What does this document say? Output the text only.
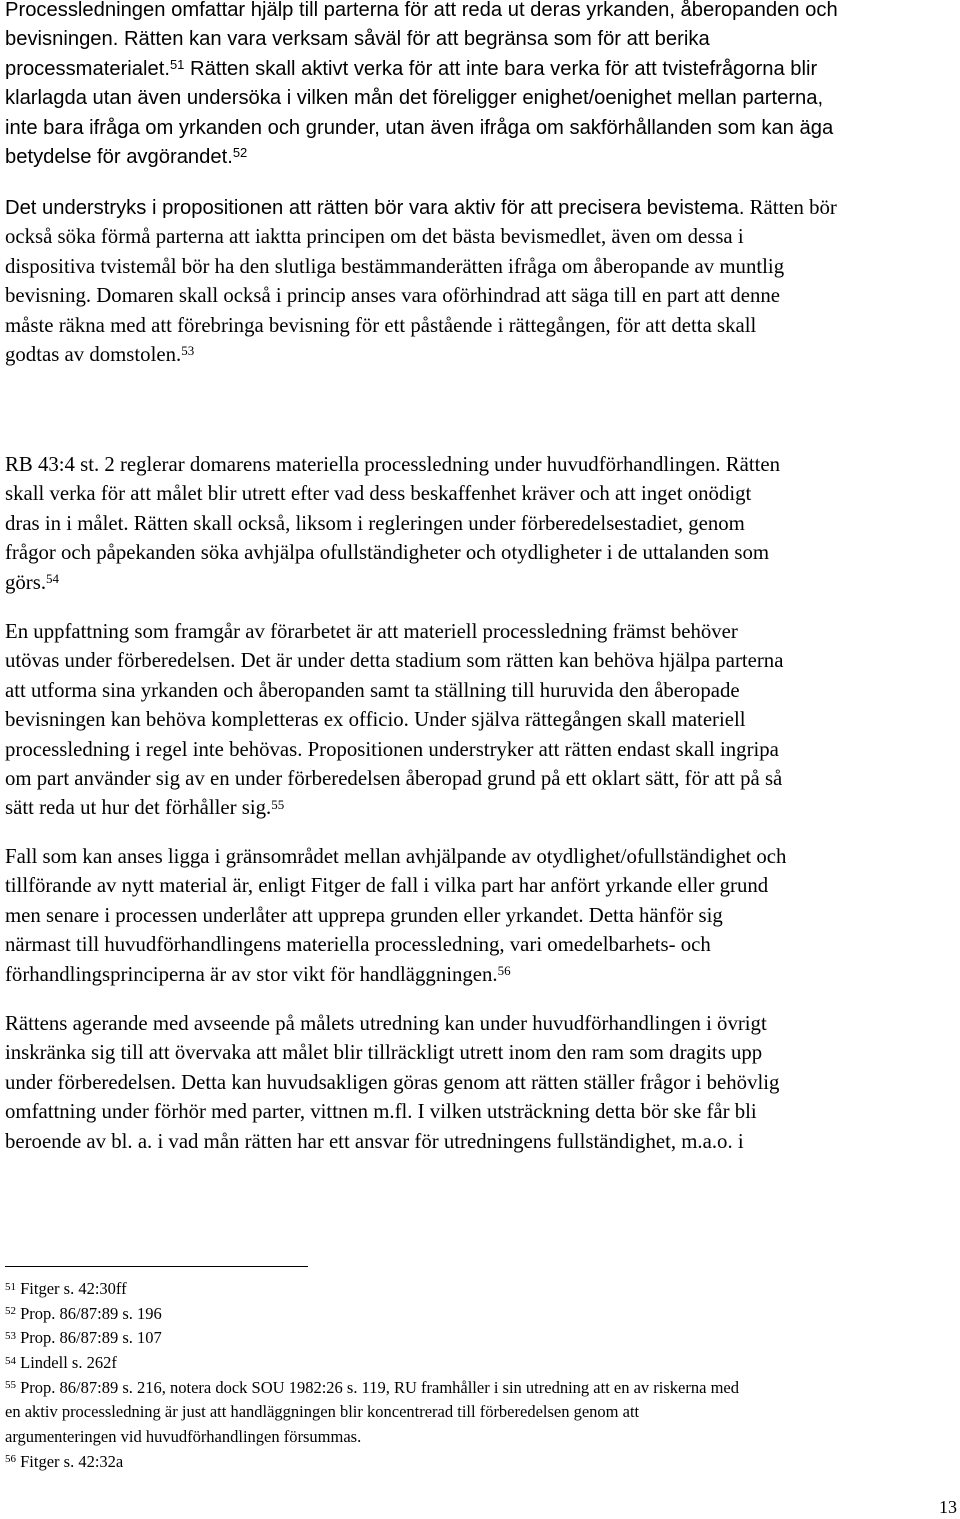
Processledningen omfattar hjälp till parterna för att reda ut deras yrkanden, åberopanden och
bevisningen. Rätten kan vara verksam såväl för att begränsa som för att berika
processmaterialet.$^{51}$ Rätten skall aktivt verka för att inte bara verka för att tvistefrågorna blir
klarlagda utan även undersöka i vilken mån det föreligger enighet/oenighet mellan parterna,
inte bara ifråga om yrkanden och grunder, utan även ifråga om sakförhållanden som kan äga
betydelse för avgörandet.$^{52}$
Det understryks i propositionen att rätten bör vara aktiv för att precisera bevistema. Rätten bör
också söka förmå parterna att iaktta principen om det bästa bevismedlet, även om dessa i
dispositiva tvistemål bör ha den slutliga bestämmanderätten ifråga om åberopande av muntlig
bevisning. Domaren skall också i princip anses vara oförhindrad att säga till en part att denne
måste räkna med att förebringa bevisning för ett påstående i rättegången, för att detta skall
godtas av domstolen.$^{53}$
RB 43:4 st. 2 reglerar domarens materiella processledning under huvudförhandlingen. Rätten
skall verka för att målet blir utrett efter vad dess beskaffenhet kräver och att inget onödigt
dras in i målet. Rätten skall också, liksom i regleringen under förberedelsestadiet, genom
frågor och påpekanden söka avhjälpa ofullständigheter och otydligheter i de uttalanden som
görs.$^{54}$
En uppfattning som framgår av förarbetet är att materiell processledning främst behöver
utövas under förberedelsen. Det är under detta stadium som rätten kan behöva hjälpa parterna
att utforma sina yrkanden och åberopanden samt ta ställning till huruvida den åberopade
bevisningen kan behöva kompletteras ex officio. Under själva rättegången skall materiell
processledning i regel inte behövas. Propositionen understryker att rätten endast skall ingripa
om part använder sig av en under förberedelsen åberopad grund på ett oklart sätt, för att på så
sätt reda ut hur det förhåller sig.$^{55}$
Fall som kan anses ligga i gränsområdet mellan avhjälpande av otydlighet/ofullständighet och
tillförande av nytt material är, enligt Fitger de fall i vilka part har anfört yrkande eller grund
men senare i processen underlåter att upprepa grunden eller yrkandet. Detta hänför sig
närmast till huvudförhandlingens materiella processledning, vari omedelbarhets- och
förhandlingsprinciperna är av stor vikt för handläggningen.$^{56}$
Rättens agerande med avseende på målets utredning kan under huvudförhandlingen i övrigt
inskränka sig till att övervaka att målet blir tillräckligt utrett inom den ram som dragits upp
under förberedelsen. Detta kan huvudsakligen göras genom att rätten ställer frågor i behövlig
omfattning under förhör med parter, vittnen m.fl. I vilken utsträckning detta bör ske får bli
beroende av bl. a. i vad mån rätten har ett ansvar för utredningens fullständighet, m.a.o. i
$^{51}$ Fitger s. 42:30ff
$^{52}$ Prop. 86/87:89 s. 196
$^{53}$ Prop. 86/87:89 s. 107
$^{54}$ Lindell s. 262f
$^{55}$ Prop. 86/87:89 s. 216, notera dock SOU 1982:26 s. 119, RU framhåller i sin utredning att en av riskerna med
en aktiv processledning är just att handläggningen blir koncentrerad till förberedelsen genom att
argumenteringen vid huvudförhandlingen försummas.
$^{56}$ Fitger s. 42:32a
13
